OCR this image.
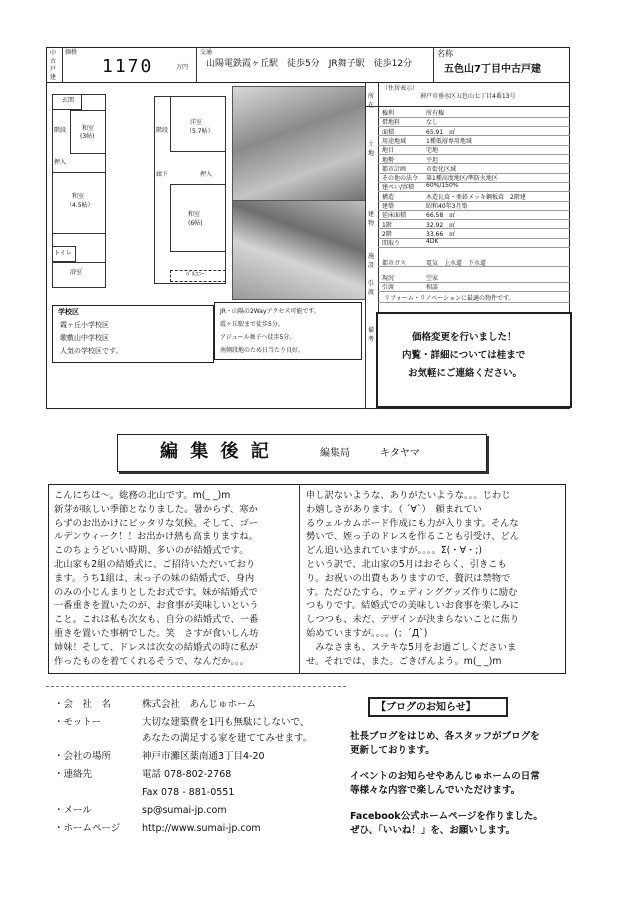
中古戸建
価格
1170	万円
交通
山陽電鉄霞ヶ丘駅　徒歩5分　JR舞子駅　徒歩12分
名称
五色山7丁目中古戸建
玄関
階段	和室
(3帖)
押入
和室
（4.5帖）
トイレ
浴室
洋室
（5.7帖）
階段
廊下	押入
和室
(6帖)
ﾊﾞﾙｺﾆｰ
学校区
霞ヶ丘小学校区
歌敷山中学校区
人気の学校区です。
JR・山陽の2Wayアクセス可能です。
霞ヶ丘駅まで徒歩5分。
アジュール舞子へ徒歩5分。
南側段地のため日当たり良好。
所在
（住居表示）
神戸市垂水区五色山七丁目4番13号
土地
建物
施設
引渡
備考
権利	所有権
借地料	なし
面積	65.91　㎡
用途地域	1種低層専用地域
地目	宅地
地勢	平坦
都市計画	市街化区域
その他の法令 第1種高度地区/準防火地区
建ぺい/容積 60%/150%
構造	木造瓦葺・亜鉛メッキ鋼板葺　2階建
建築	昭和40年3月築
延床面積	66.58　㎡
1階	32.92　㎡
2階	33.66　㎡
間取り	4DK
都市ガス	電気　上水道　下水道
現況	空家
引渡	相談
リフォーム・リノベーションに最適の物件です。
価格変更を行いました！
内覧・詳細については桂まで
お気軽にご連絡ください。
編 集 後 記	編集局	キタヤマ
こんにちは〜。総務の北山です。m(_ _)m
新芽が眩しい季節となりました。暑からず、寒か
らずのお出かけにピッタリな気候。そして、ゴー
ルデンウィーク！！お出かけ熱も高まりますね。
このちょうどいい時期、多いのが結婚式です。
北山家も2組の結婚式に、ご招待いただいており
ます。うち1組は、末っ子の妹の結婚式で、身内
のみの小じんまりとしたお式です。妹が結婚式で
一番重きを置いたのが、お食事が美味しいという
こと。これは私も次女も、自分の結婚式で、一番
重きを置いた事柄でした。笑　さすが食いしん坊
姉妹！そして、ドレスは次女の結婚式の時に私が
作ったものを着てくれるそうで、なんだか。。。
申し訳ないような、ありがたいような。。。じわじ
わ嬉しさがあります。（ ´∀`）　頼まれてい
るウェルカムボード作成にも力が入ります。そんな
勢いで、姪っ子のドレスを作ることも引受け、どん
どん追い込まれていますが。。。。Σ(・∀・;)
という訳で、北山家の5月はおそらく、引きこも
り。お祝いの出費もありますので、贅沢は禁物で
す。ただひたすら、ウェディンググッズ作りに励む
つもりです。結婚式での美味しいお食事を楽しみに
しつつも、未だ、デザインが決まらないことに焦り
始めていますが。。。。(；´Д`)
　みなさまも、ステキな5月をお過ごしくださいま
せ。それでは、また。ごきげんよう。m(_ _)m
・会　社　名	株式会社　あんじゅホーム
・モットー	大切な建築費を1円も無駄にしないで、
あなたの満足する家を建ててみせます。
・会社の場所	神戸市灘区薬南通3丁目4-20
・連絡先	電話 078-802-2768
Fax 078 - 881-0551
・メール	sp@sumai-jp.com
・ホームページ http://www.sumai-jp.com
【ブログのお知らせ】
社長ブログをはじめ、各スタッフがブログを
更新しております。
イベントのお知らせやあんじゅホームの日常
等様々な内容で楽しんでいただけます。
Facebook公式ホームページを作りました。
ぜひ、「いいね！」を、お願いします。
